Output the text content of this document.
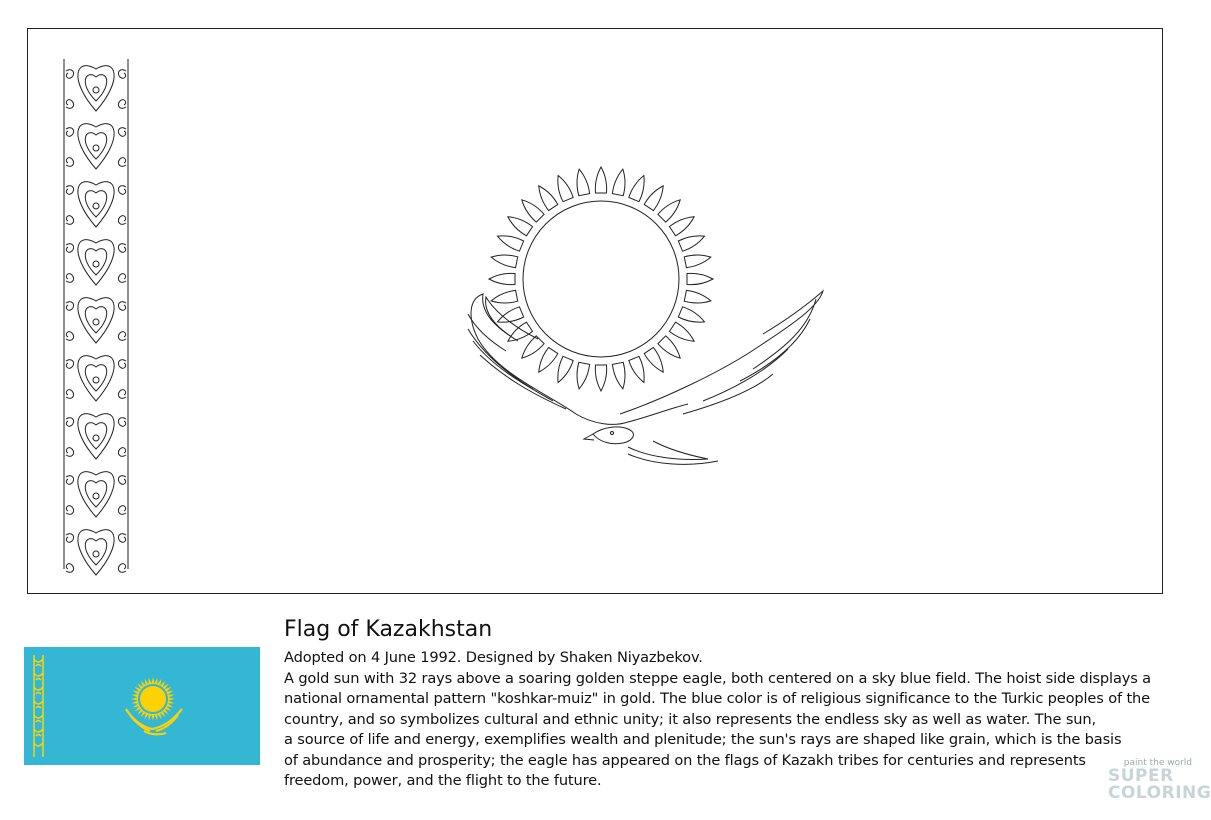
Flag of Kazakhstan

Adopted on 4 June 1992. Designed by Shaken Niyazbekov.

A gold sun with 32 rays above a soaring golden steppe eagle, both centered on a sky blue field. The hoist side displays a

national ornamental pattern "koshkar-muiz" in gold. The blue color is of religious significance to the Turkic peoples of the

country, and so symbolizes cultural and ethnic unity; it also represents the endless sky as well as water. The sun,

a source of life and energy, exemplifies wealth and plenitude; the sun's rays are shaped like grain, which is the basis

of abundance and prosperity; the eagle has appeared on the flags of Kazakh tribes for centuries and represents

freedom, power, and the flight to the future.

paint the world

SUPER

COLORING
